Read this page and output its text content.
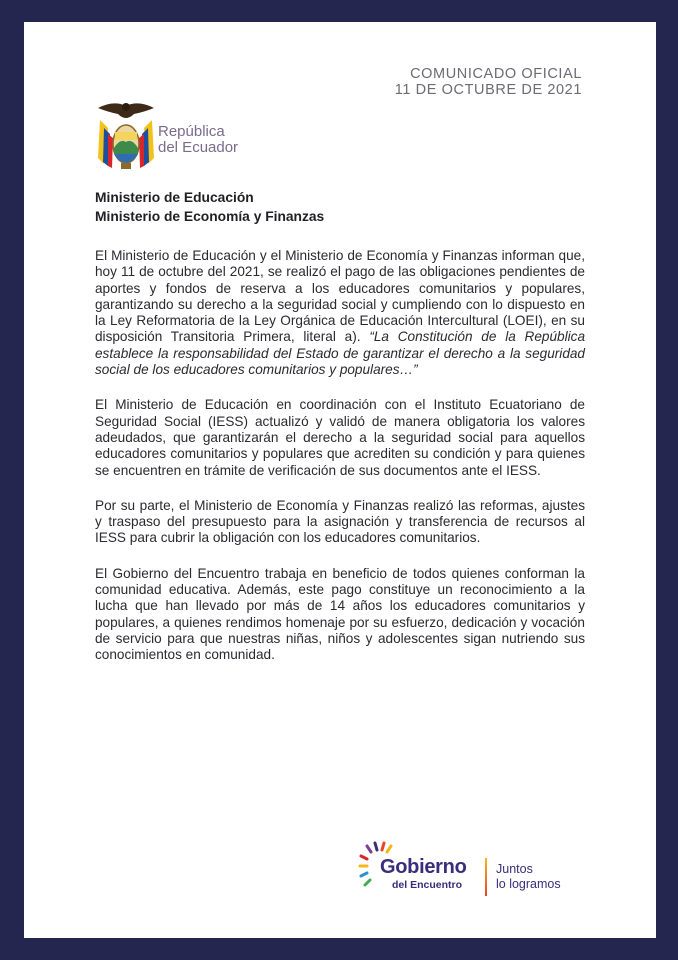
COMUNICADO OFICIAL
11 DE OCTUBRE DE 2021
República
del Ecuador
Ministerio de Educación
Ministerio de Economía y Finanzas

El Ministerio de Educación y el Ministerio de Economía y Finanzas informan que, hoy 11 de octubre del 2021, se realizó el pago de las obligaciones pendientes de aportes y fondos de reserva a los educadores comunitarios y populares, garantizando su derecho a la seguridad social y cumpliendo con lo dispuesto en la Ley Reformatoria de la Ley Orgánica de Educación Intercultural (LOEI), en su disposición Transitoria Primera, literal a). “La Constitución de la República establece la responsabilidad del Estado de garantizar el derecho a la seguridad social de los educadores comunitarios y populares…”

El Ministerio de Educación en coordinación con el Instituto Ecuatoriano de Seguridad Social (IESS) actualizó y validó de manera obligatoria los valores adeudados, que garantizarán el derecho a la seguridad social para aquellos educadores comunitarios y populares que acrediten su condición y para quienes se encuentren en trámite de verificación de sus documentos ante el IESS.

Por su parte, el Ministerio de Economía y Finanzas realizó las reformas, ajustes y traspaso del presupuesto para la asignación y transferencia de recursos al IESS para cubrir la obligación con los educadores comunitarios.

El Gobierno del Encuentro trabaja en beneficio de todos quienes conforman la comunidad educativa. Además, este pago constituye un reconocimiento a la lucha que han llevado por más de 14 años los educadores comunitarios y populares, a quienes rendimos homenaje por su esfuerzo, dedicación y vocación de servicio para que nuestras niñas, niños y adolescentes sigan nutriendo sus conocimientos en comunidad.

Gobierno
del Encuentro
Juntos
lo logramos
